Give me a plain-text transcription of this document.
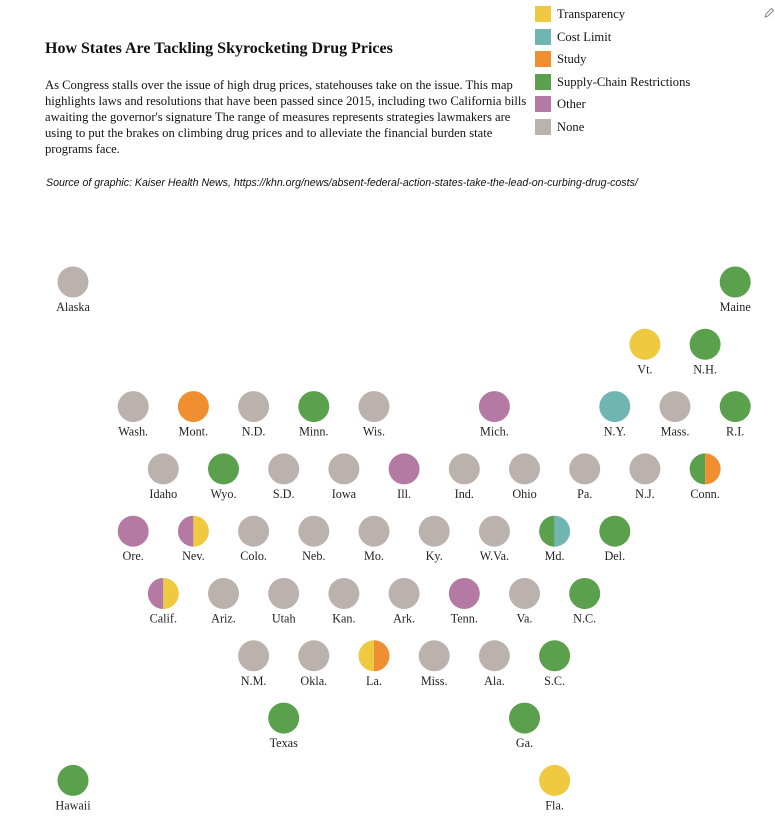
How States Are Tackling Skyrocketing Drug Prices

As Congress stalls over the issue of high drug prices, statehouses take on the issue. This map highlights laws and resolutions that have been passed since 2015, including two California bills awaiting the governor's signature The range of measures represents strategies lawmakers are using to put the brakes on climbing drug prices and to alleviate the financial burden state programs face.

Source of graphic: Kaiser Health News, https://khn.org/news/absent-federal-action-states-take-the-lead-on-curbing-drug-costs/

Transparency
Cost Limit
Study
Supply-Chain Restrictions
Other
None
Alaska	Maine
Vt.	N.H.
Wash.	Mont.	N.D.	Minn.	Wis.	Mich.	N.Y.	Mass.	R.I.
Idaho	Wyo.	S.D.	Iowa	Ill.	Ind.	Ohio	Pa.	N.J.	Conn.
Ore.	Nev.	Colo.	Neb.	Mo.	Ky.	W.Va.	Md.	Del.
Calif.	Ariz.	Utah	Kan.	Ark.	Tenn.	Va.	N.C.
N.M.	Okla.	La.	Miss.	Ala.	S.C.
Texas	Ga.
Hawaii	Fla.
